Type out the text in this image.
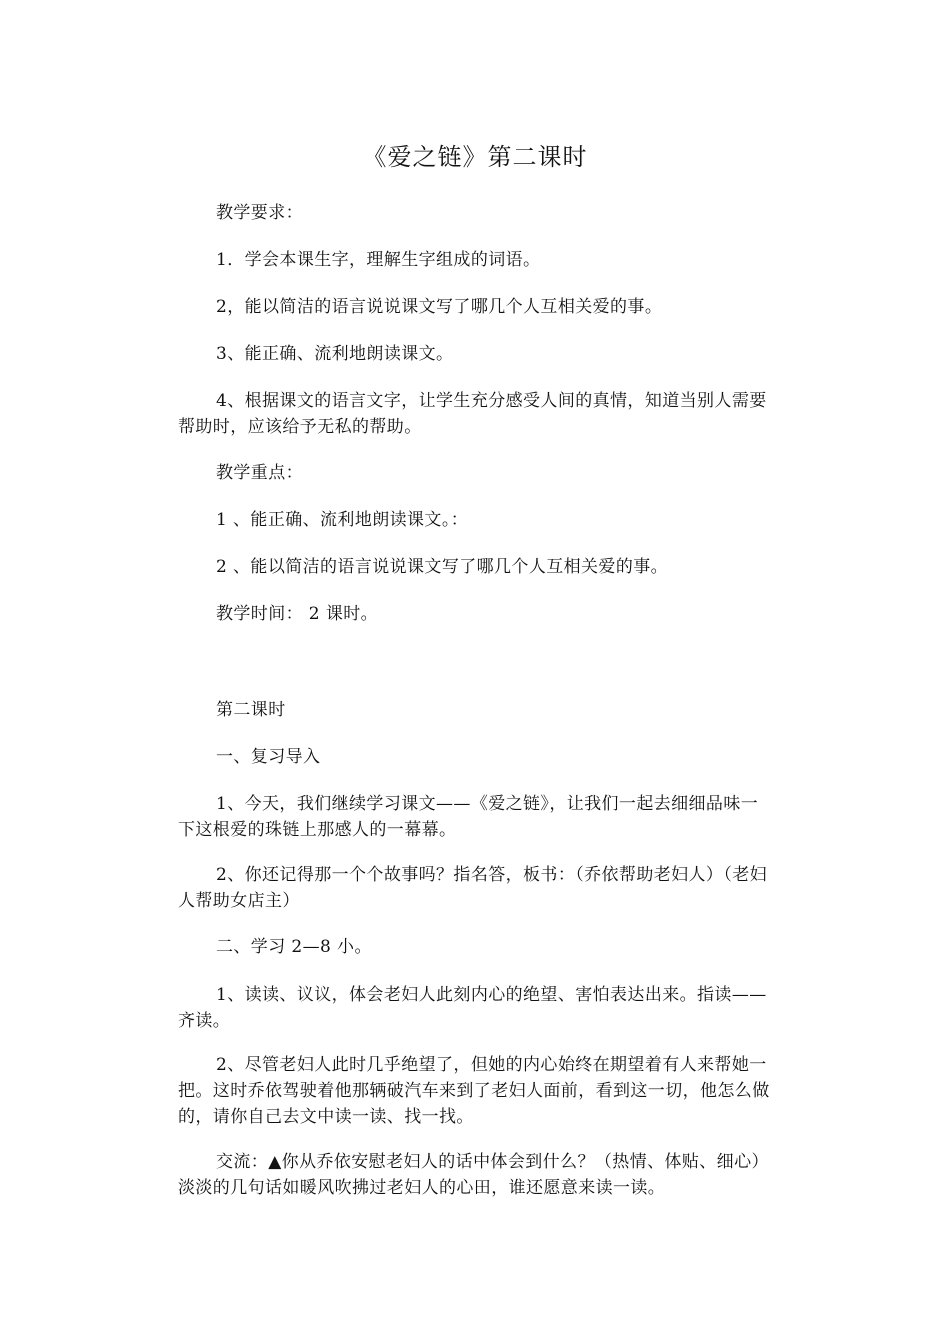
《爱之链》第二课时

教学要求：

1．学会本课生字，理解生字组成的词语。

2，能以简洁的语言说说课文写了哪几个人互相关爱的事。

3、能正确、流利地朗读课文。

4、根据课文的语言文字，让学生充分感受人间的真情，知道当别人需要帮助时，应该给予无私的帮助。

教学重点：

1 、能正确、流利地朗读课文。：

2 、能以简洁的语言说说课文写了哪几个人互相关爱的事。

教学时间： 2 课时。

第二课时

一、复习导入

1、今天，我们继续学习课文——《爱之链》，让我们一起去细细品味一下这根爱的珠链上那感人的一幕幕。

2、你还记得那一个个故事吗？指名答，板书：（乔依帮助老妇人）（老妇人帮助女店主）

二、学习 2—8 小。

1、读读、议议，体会老妇人此刻内心的绝望、害怕表达出来。指读——齐读。

2、尽管老妇人此时几乎绝望了，但她的内心始终在期望着有人来帮她一把。这时乔依驾驶着他那辆破汽车来到了老妇人面前，看到这一切，他怎么做的，请你自己去文中读一读、找一找。

交流：▲你从乔依安慰老妇人的话中体会到什么？（热情、体贴、细心）淡淡的几句话如暖风吹拂过老妇人的心田，谁还愿意来读一读。
